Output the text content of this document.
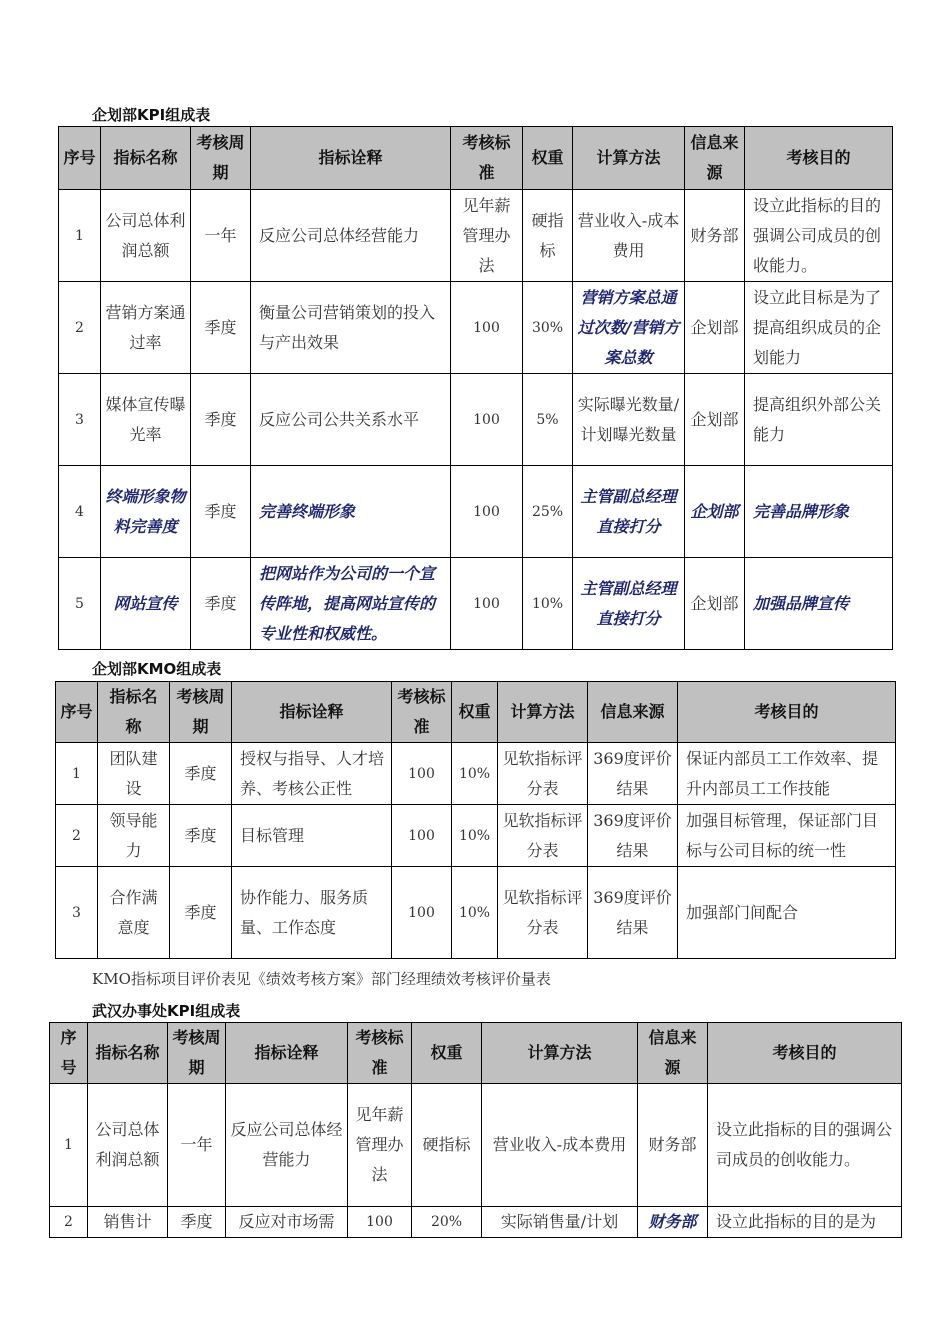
企划部KPI组成表
序号	指标名称	考核周期	指标诠释	考核标准	权重	计算方法	信息来源	考核目的
1	公司总体利润总额	一年	反应公司总体经营能力	见年薪管理办法	硬指标	营业收入-成本费用	财务部	设立此指标的目的强调公司成员的创收能力。
2	营销方案通过率	季度	衡量公司营销策划的投入与产出效果	100	30%	营销方案总通过次数/营销方案总数	企划部	设立此目标是为了提高组织成员的企划能力
3	媒体宣传曝光率	季度	反应公司公共关系水平	100	5%	实际曝光数量/计划曝光数量	企划部	提高组织外部公关能力
4	终端形象物料完善度	季度	完善终端形象	100	25%	主管副总经理直接打分	企划部	完善品牌形象
5	网站宣传	季度	把网站作为公司的一个宣传阵地，提高网站宣传的专业性和权威性。	100	10%	主管副总经理直接打分	企划部	加强品牌宣传
企划部KMO组成表
序号	指标名称	考核周期	指标诠释	考核标准	权重	计算方法	信息来源	考核目的
1	团队建设	季度	授权与指导、人才培养、考核公正性	100	10%	见软指标评分表	369度评价结果	保证内部员工工作效率、提升内部员工工作技能
2	领导能力	季度	目标管理	100	10%	见软指标评分表	369度评价结果	加强目标管理，保证部门目标与公司目标的统一性
3	合作满意度	季度	协作能力、服务质量、工作态度	100	10%	见软指标评分表	369度评价结果	加强部门间配合
KMO指标项目评价表见《绩效考核方案》部门经理绩效考核评价量表
武汉办事处KPI组成表
序号	指标名称	考核周期	指标诠释	考核标准	权重	计算方法	信息来源	考核目的
1	公司总体利润总额	一年	反应公司总体经营能力	见年薪管理办法	硬指标	营业收入-成本费用	财务部	设立此指标的目的强调公司成员的创收能力。
2	销售计	季度	反应对市场需	100	20%	实际销售量/计划	财务部	设立此指标的目的是为
